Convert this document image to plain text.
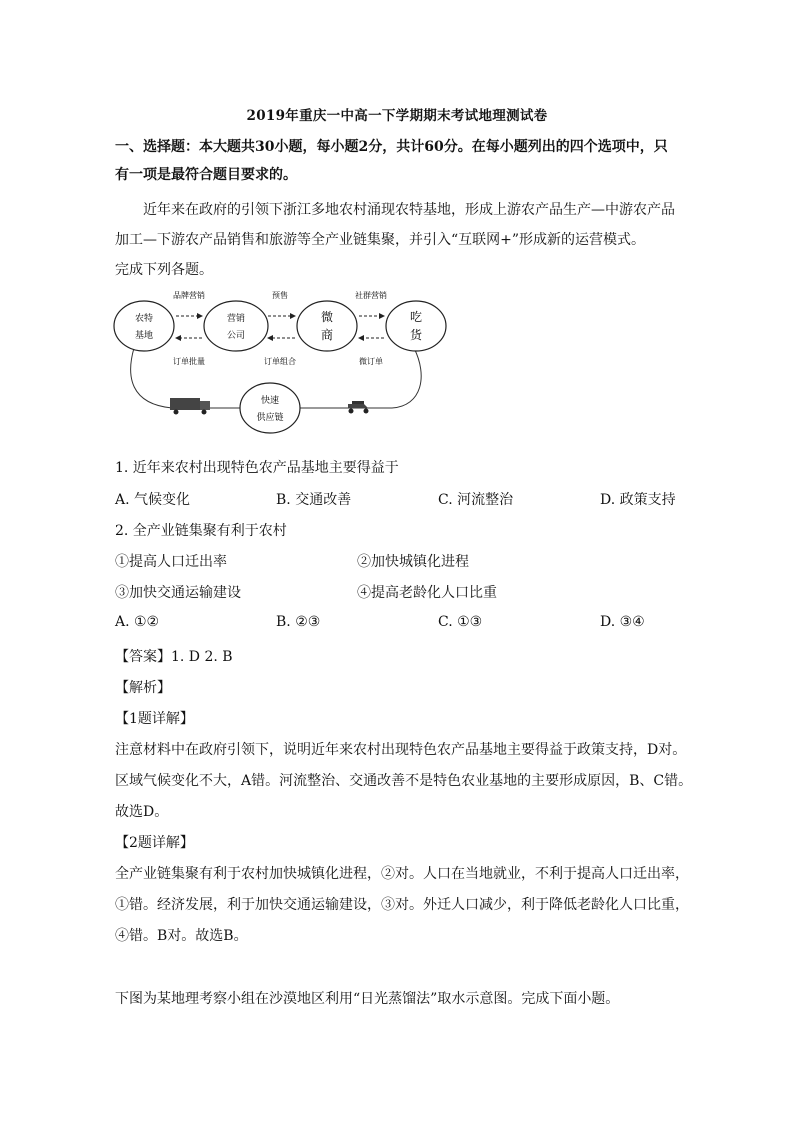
2019年重庆一中高一下学期期末考试地理测试卷
一、选择题：本大题共30小题，每小题2分，共计60分。在每小题列出的四个选项中，只
有一项是最符合题目要求的。
近年来在政府的引领下浙江多地农村涌现农特基地，形成上游农产品生产—中游农产品
加工—下游农产品销售和旅游等全产业链集聚，并引入“互联网+”形成新的运营模式。
完成下列各题。
农特
基地
营销
公司
微
商
吃
货
快速
供应链
品牌营销	预售	社群营销
订单批量	订单组合	微订单
1. 近年来农村出现特色农产品基地主要得益于
A. 气候变化	B. 交通改善	C. 河流整治	D. 政策支持
2. 全产业链集聚有利于农村
①提高人口迁出率	②加快城镇化进程
③加快交通运输建设	④提高老龄化人口比重
A. ①②	B. ②③	C. ①③	D. ③④
【答案】1. D 2. B
【解析】
【1题详解】
注意材料中在政府引领下，说明近年来农村出现特色农产品基地主要得益于政策支持，D对。
区域气候变化不大，A错。河流整治、交通改善不是特色农业基地的主要形成原因，B、C错。
故选D。
【2题详解】
全产业链集聚有利于农村加快城镇化进程，②对。人口在当地就业，不利于提高人口迁出率，
①错。经济发展，利于加快交通运输建设，③对。外迁人口减少，利于降低老龄化人口比重，
④错。B对。故选B。
下图为某地理考察小组在沙漠地区利用“日光蒸馏法”取水示意图。完成下面小题。
